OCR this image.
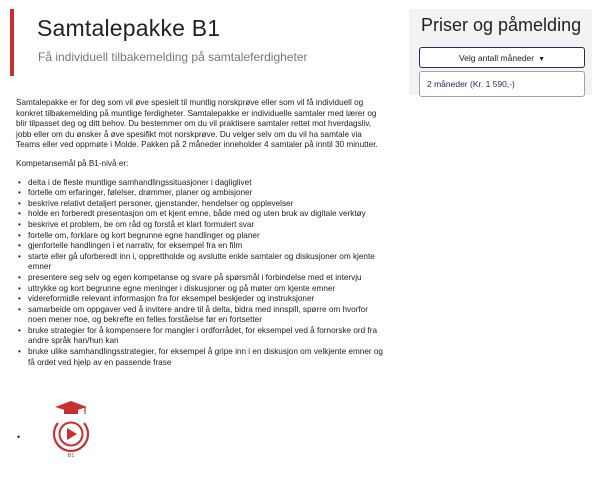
Samtalepakke B1
Få individuell tilbakemelding på samtaleferdigheter
Priser og påmelding
Velg antall måneder ▼
2 måneder (Kr. 1 590,-)

Samtalepakke er for deg som vil øve spesielt til muntlig norskprøve eller som vil få individuell og konkret tilbakemelding på muntlige ferdigheter. Samtalepakke er individuelle samtaler med lærer og blir tilpasset deg og ditt behov. Du bestemmer om du vil praktisere samtaler rettet mot hverdagsliv, jobb eller om du ønsker å øve spesifikt mot norskprøve. Du velger selv om du vil ha samtale via Teams eller ved oppmøte i Molde. Pakken på 2 måneder inneholder 4 samtaler på inntil 30 minutter.

Kompetansemål på B1-nivå er:

• delta i de fleste muntlige samhandlingssituasjoner i dagliglivet
• fortelle om erfaringer, følelser, drømmer, planer og ambisjoner
• beskrive relativt detaljert personer, gjenstander, hendelser og opplevelser
• holde en forberedt presentasjon om et kjent emne, både med og uten bruk av digitale verktøy
• beskrive et problem, be om råd og forstå et klart formulert svar
• fortelle om, forklare og kort begrunne egne handlinger og planer
• gjenfortelle handlingen i et narrativ, for eksempel fra en film
• starte eller gå uforberedt inn i, opprettholde og avslutte enkle samtaler og diskusjoner om kjente emner
• presentere seg selv og egen kompetanse og svare på spørsmål i forbindelse med et intervju
• uttrykke og kort begrunne egne meninger i diskusjoner og på møter om kjente emner
• videreformidle relevant informasjon fra for eksempel beskjeder og instruksjoner
• samarbeide om oppgaver ved å invitere andre til å delta, bidra med innspill, spørre om hvorfor noen mener noe, og bekrefte en felles forståelse før en fortsetter
• bruke strategier for å kompensere for mangler i ordforrådet, for eksempel ved å fornorske ord fra andre språk han/hun kan
• bruke ulike samhandlingsstrategier, for eksempel å gripe inn i en diskusjon om velkjente emner og få ordet ved hjelp av en passende frase
•
B1
